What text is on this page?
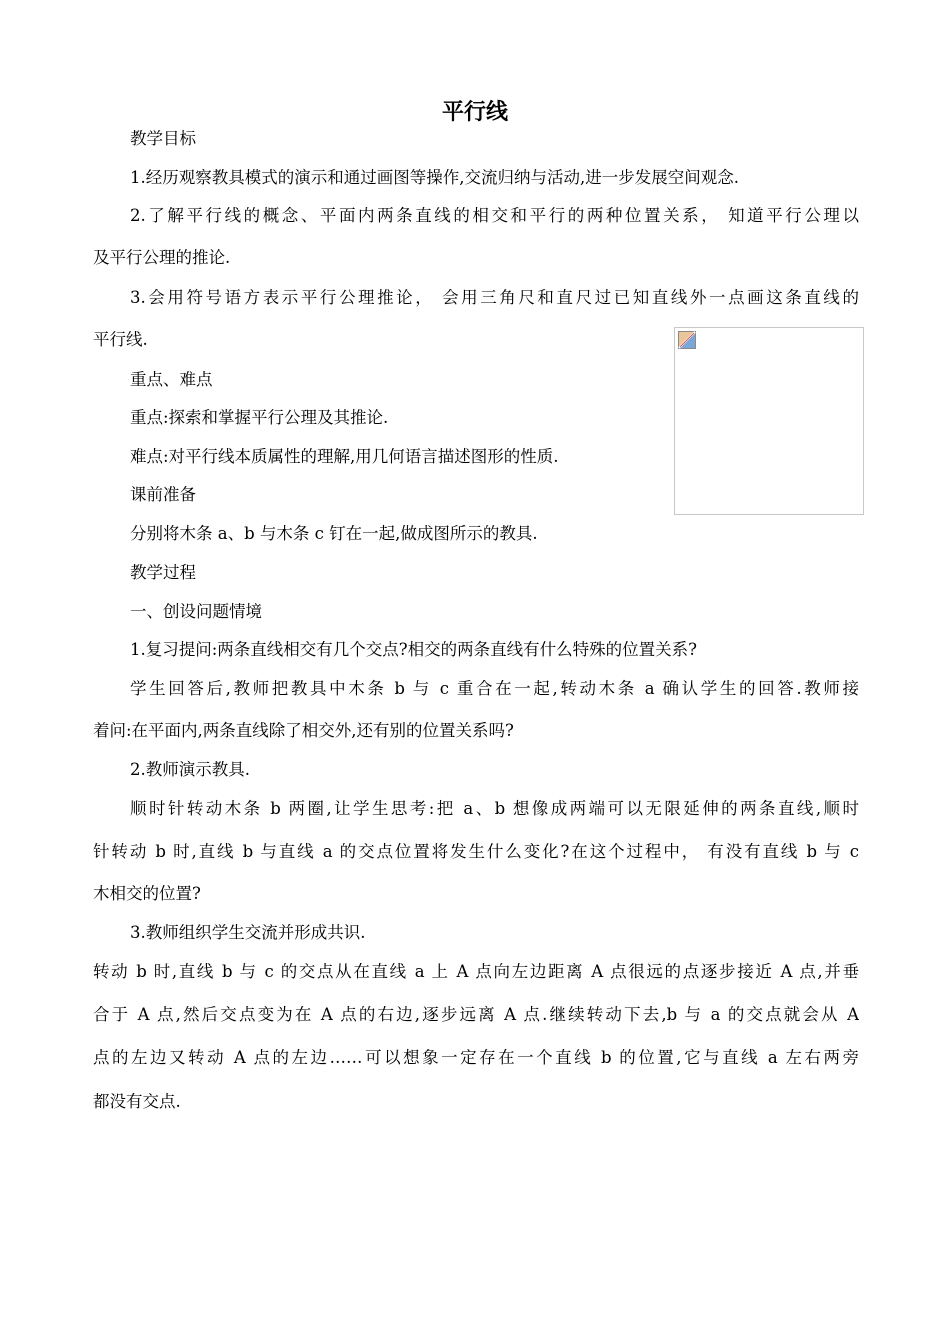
平行线
教学目标
1.经历观察教具模式的演示和通过画图等操作,交流归纳与活动,进一步发展空间观念.
2.了解平行线的概念、平面内两条直线的相交和平行的两种位置关系， 知道平行公理以
及平行公理的推论.
3.会用符号语方表示平行公理推论， 会用三角尺和直尺过已知直线外一点画这条直线的
平行线.
重点、难点
重点:探索和掌握平行公理及其推论.
难点:对平行线本质属性的理解,用几何语言描述图形的性质.
课前准备
分别将木条 a、b 与木条 c 钉在一起,做成图所示的教具.
教学过程
一、创设问题情境
1.复习提问:两条直线相交有几个交点?相交的两条直线有什么特殊的位置关系?
学生回答后,教师把教具中木条 b 与 c 重合在一起,转动木条 a 确认学生的回答.教师接
着问:在平面内,两条直线除了相交外,还有别的位置关系吗?
2.教师演示教具.
顺时针转动木条 b 两圈,让学生思考:把 a、b 想像成两端可以无限延伸的两条直线,顺时
针转动 b 时,直线 b 与直线 a 的交点位置将发生什么变化?在这个过程中， 有没有直线 b 与 c
木相交的位置?
3.教师组织学生交流并形成共识.
转动 b 时,直线 b 与 c 的交点从在直线 a 上 A 点向左边距离 A 点很远的点逐步接近 A 点,并垂
合于 A 点,然后交点变为在 A 点的右边,逐步远离 A 点.继续转动下去,b 与 a 的交点就会从 A
点的左边又转动 A 点的左边……可以想象一定存在一个直线 b 的位置,它与直线 a 左右两旁
都没有交点.
